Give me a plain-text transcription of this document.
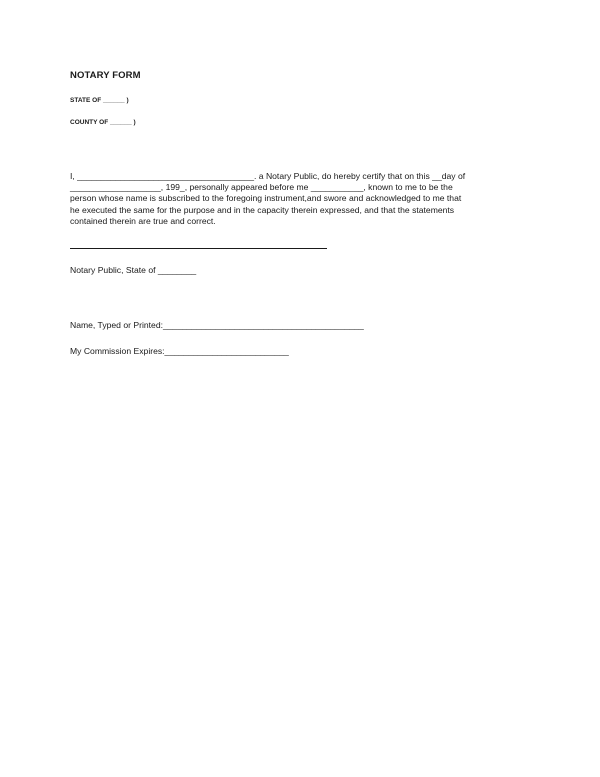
NOTARY FORM
STATE OF ______ )
COUNTY OF ______ )
I, _____________________________________. a Notary Public, do hereby certify that on this __day of
___________________, 199_, personally appeared before me ___________, known to me to be the
person whose name is subscribed to the foregoing instrument,and swore and acknowledged to me that
he executed the same for the purpose and in the capacity therein expressed, and that the statements
contained therein are true and correct.
Notary Public, State of ________
Name, Typed or Printed:__________________________________________
My Commission Expires:__________________________
